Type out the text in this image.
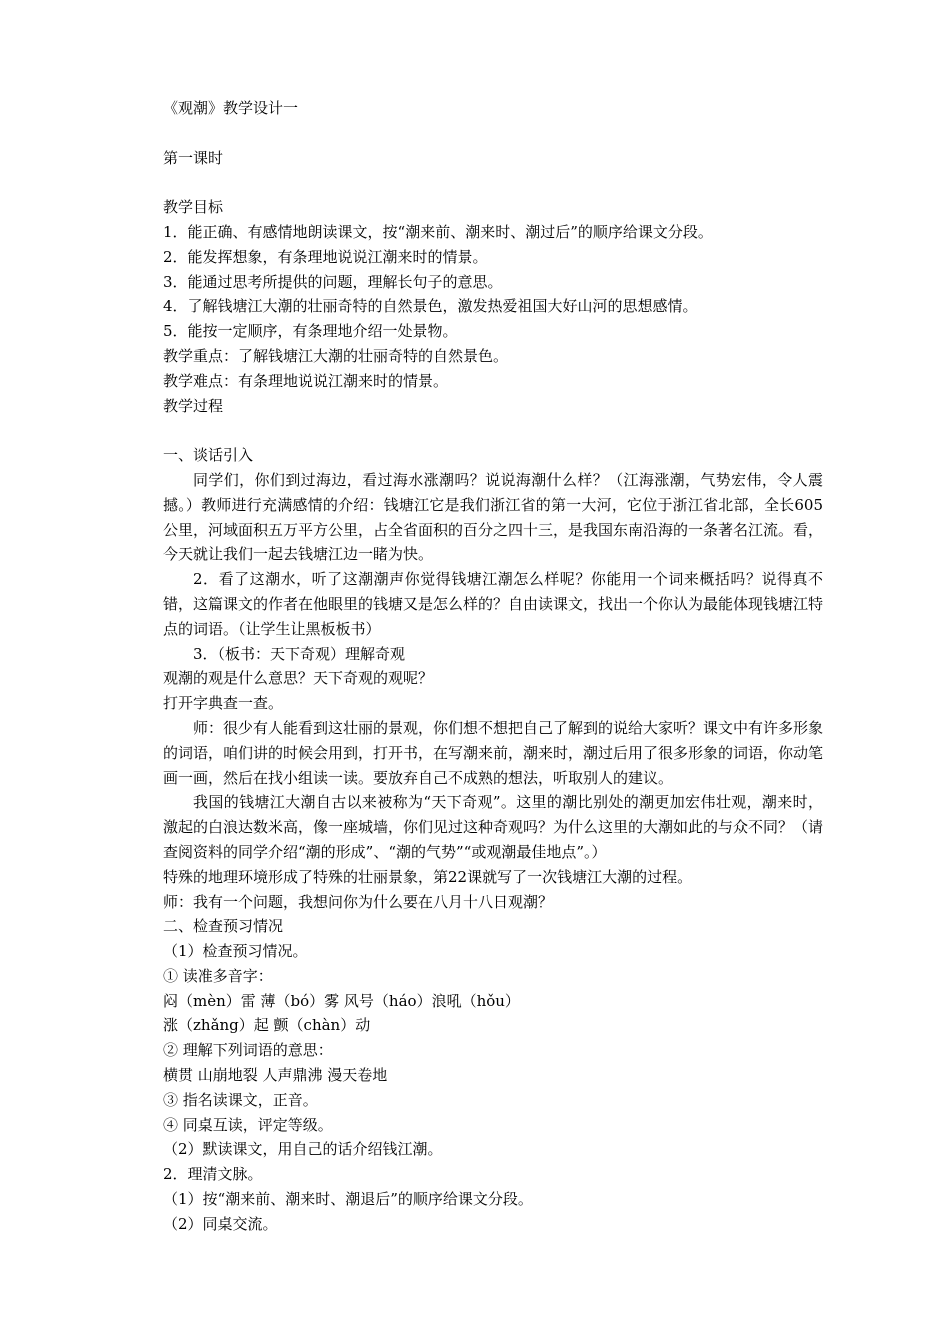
《观潮》教学设计一
第一课时
教学目标
1．能正确、有感情地朗读课文，按“潮来前、潮来时、潮过后”的顺序给课文分段。
2．能发挥想象，有条理地说说江潮来时的情景。
3．能通过思考所提供的问题，理解长句子的意思。
4．了解钱塘江大潮的壮丽奇特的自然景色，激发热爱祖国大好山河的思想感情。
5．能按一定顺序，有条理地介绍一处景物。
教学重点：了解钱塘江大潮的壮丽奇特的自然景色。
教学难点：有条理地说说江潮来时的情景。
教学过程
一、谈话引入

同学们，你们到过海边，看过海水涨潮吗？说说海潮什么样？（江海涨潮，气势宏伟，令人震撼。）教师进行充满感情的介绍：钱塘江它是我们浙江省的第一大河，它位于浙江省北部，全长605公里，河域面积五万平方公里，占全省面积的百分之四十三，是我国东南沿海的一条著名江流。看，今天就让我们一起去钱塘江边一睹为快。

2．看了这潮水，听了这潮潮声你觉得钱塘江潮怎么样呢？你能用一个词来概括吗？说得真不错，这篇课文的作者在他眼里的钱塘又是怎么样的？自由读课文，找出一个你认为最能体现钱塘江特点的词语。（让学生让黑板板书）

3．（板书：天下奇观）理解奇观

观潮的观是什么意思？天下奇观的观呢？
打开字典查一查。

师：很少有人能看到这壮丽的景观，你们想不想把自己了解到的说给大家听？课文中有许多形象的词语，咱们讲的时候会用到，打开书，在写潮来前，潮来时，潮过后用了很多形象的词语，你动笔画一画，然后在找小组读一读。要放弃自己不成熟的想法，听取别人的建议。

我国的钱塘江大潮自古以来被称为“天下奇观”。这里的潮比别处的潮更加宏伟壮观，潮来时，激起的白浪达数米高，像一座城墙，你们见过这种奇观吗？为什么这里的大潮如此的与众不同？（请查阅资料的同学介绍“潮的形成”、“潮的气势”“或观潮最佳地点”。）

特殊的地理环境形成了特殊的壮丽景象，第22课就写了一次钱塘江大潮的过程。
师：我有一个问题，我想问你为什么要在八月十八日观潮？
二、检查预习情况
（1）检查预习情况。
① 读准多音字：
闷（mèn）雷 薄（bó）雾 风号（háo）浪吼（hǒu）
涨（zhǎng）起 颤（chàn）动
② 理解下列词语的意思：
横贯 山崩地裂 人声鼎沸 漫天卷地
③ 指名读课文，正音。
④ 同桌互读，评定等级。
（2）默读课文，用自己的话介绍钱江潮。
2．理清文脉。
（1）按“潮来前、潮来时、潮退后”的顺序给课文分段。
（2）同桌交流。
